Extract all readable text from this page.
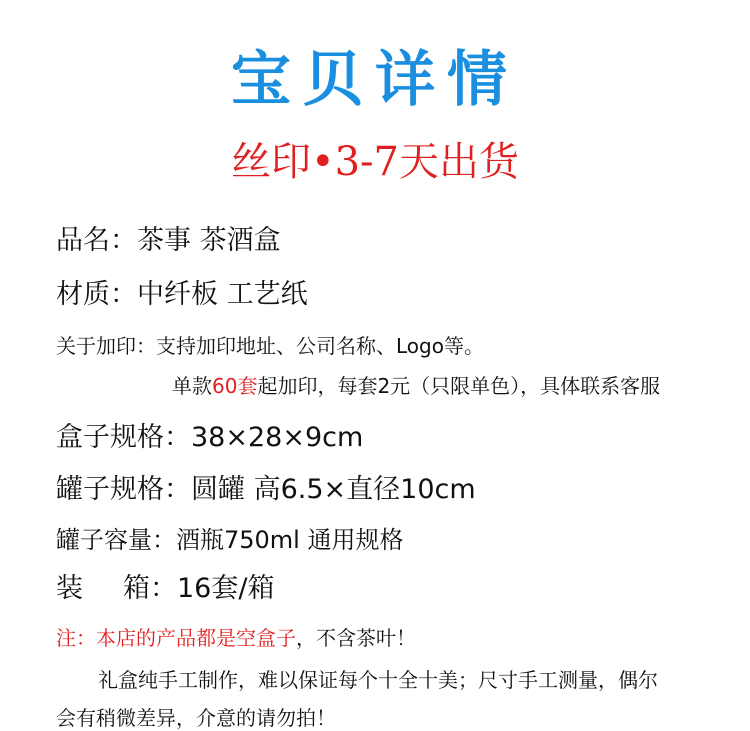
宝贝详情
丝印•3-7天出货
品名：茶事 茶酒盒
材质：中纤板 工艺纸
关于加印：支持加印地址、公司名称、Logo等。
单款60套起加印，每套2元（只限单色），具体联系客服
盒子规格：38×28×9cm
罐子规格：圆罐 高6.5×直径10cm
罐子容量：酒瓶750ml 通用规格
装 箱：16套/箱
注：本店的产品都是空盒子，不含茶叶！
礼盒纯手工制作，难以保证每个十全十美；尺寸手工测量，偶尔
会有稍微差异，介意的请勿拍！
